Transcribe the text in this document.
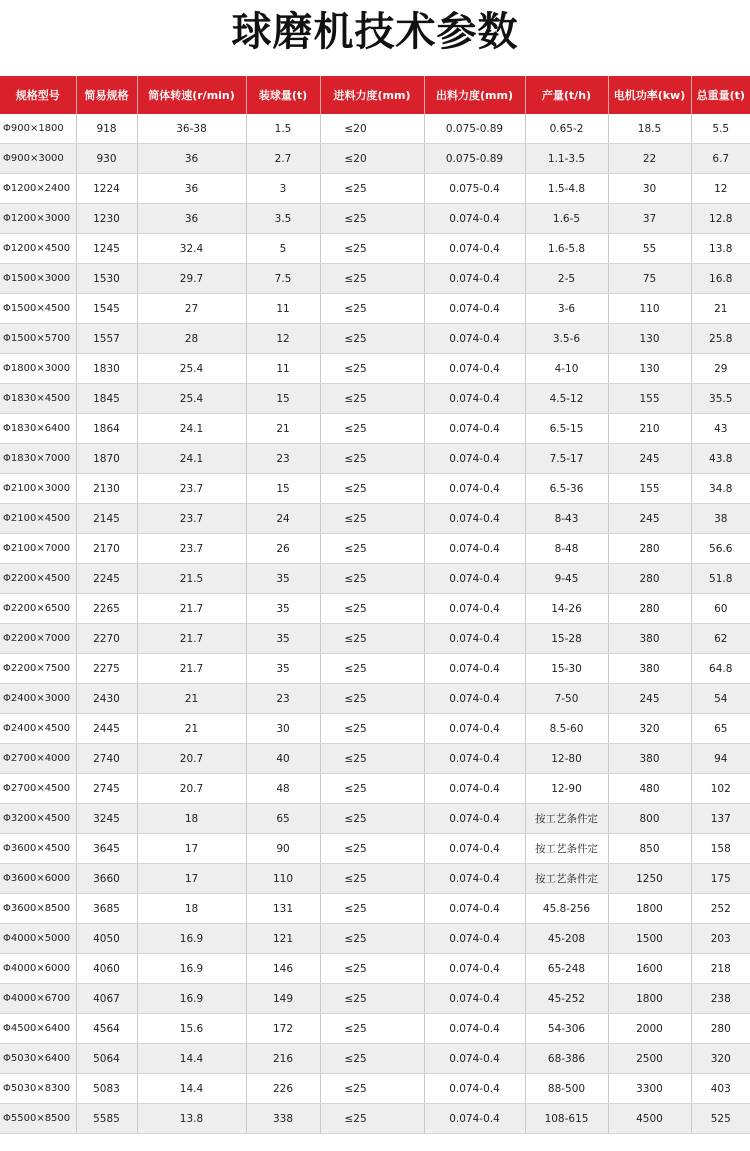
球磨机技术参数
规格型号	简易规格	筒体转速(r/min)	装球量(t)	进料力度(mm)	出料力度(mm)	产量(t/h)	电机功率(kw)	总重量(t)
Φ900×1800	918	36-38	1.5	≤20	0.075-0.89	0.65-2	18.5	5.5
Φ900×3000	930	36	2.7	≤20	0.075-0.89	1.1-3.5	22	6.7
Φ1200×2400	1224	36	3	≤25	0.075-0.4	1.5-4.8	30	12
Φ1200×3000	1230	36	3.5	≤25	0.074-0.4	1.6-5	37	12.8
Φ1200×4500	1245	32.4	5	≤25	0.074-0.4	1.6-5.8	55	13.8
Φ1500×3000	1530	29.7	7.5	≤25	0.074-0.4	2-5	75	16.8
Φ1500×4500	1545	27	11	≤25	0.074-0.4	3-6	110	21
Φ1500×5700	1557	28	12	≤25	0.074-0.4	3.5-6	130	25.8
Φ1800×3000	1830	25.4	11	≤25	0.074-0.4	4-10	130	29
Φ1830×4500	1845	25.4	15	≤25	0.074-0.4	4.5-12	155	35.5
Φ1830×6400	1864	24.1	21	≤25	0.074-0.4	6.5-15	210	43
Φ1830×7000	1870	24.1	23	≤25	0.074-0.4	7.5-17	245	43.8
Φ2100×3000	2130	23.7	15	≤25	0.074-0.4	6.5-36	155	34.8
Φ2100×4500	2145	23.7	24	≤25	0.074-0.4	8-43	245	38
Φ2100×7000	2170	23.7	26	≤25	0.074-0.4	8-48	280	56.6
Φ2200×4500	2245	21.5	35	≤25	0.074-0.4	9-45	280	51.8
Φ2200×6500	2265	21.7	35	≤25	0.074-0.4	14-26	280	60
Φ2200×7000	2270	21.7	35	≤25	0.074-0.4	15-28	380	62
Φ2200×7500	2275	21.7	35	≤25	0.074-0.4	15-30	380	64.8
Φ2400×3000	2430	21	23	≤25	0.074-0.4	7-50	245	54
Φ2400×4500	2445	21	30	≤25	0.074-0.4	8.5-60	320	65
Φ2700×4000	2740	20.7	40	≤25	0.074-0.4	12-80	380	94
Φ2700×4500	2745	20.7	48	≤25	0.074-0.4	12-90	480	102
Φ3200×4500	3245	18	65	≤25	0.074-0.4	按工艺条件定	800	137
Φ3600×4500	3645	17	90	≤25	0.074-0.4	按工艺条件定	850	158
Φ3600×6000	3660	17	110	≤25	0.074-0.4	按工艺条件定	1250	175
Φ3600×8500	3685	18	131	≤25	0.074-0.4	45.8-256	1800	252
Φ4000×5000	4050	16.9	121	≤25	0.074-0.4	45-208	1500	203
Φ4000×6000	4060	16.9	146	≤25	0.074-0.4	65-248	1600	218
Φ4000×6700	4067	16.9	149	≤25	0.074-0.4	45-252	1800	238
Φ4500×6400	4564	15.6	172	≤25	0.074-0.4	54-306	2000	280
Φ5030×6400	5064	14.4	216	≤25	0.074-0.4	68-386	2500	320
Φ5030×8300	5083	14.4	226	≤25	0.074-0.4	88-500	3300	403
Φ5500×8500	5585	13.8	338	≤25	0.074-0.4	108-615	4500	525
